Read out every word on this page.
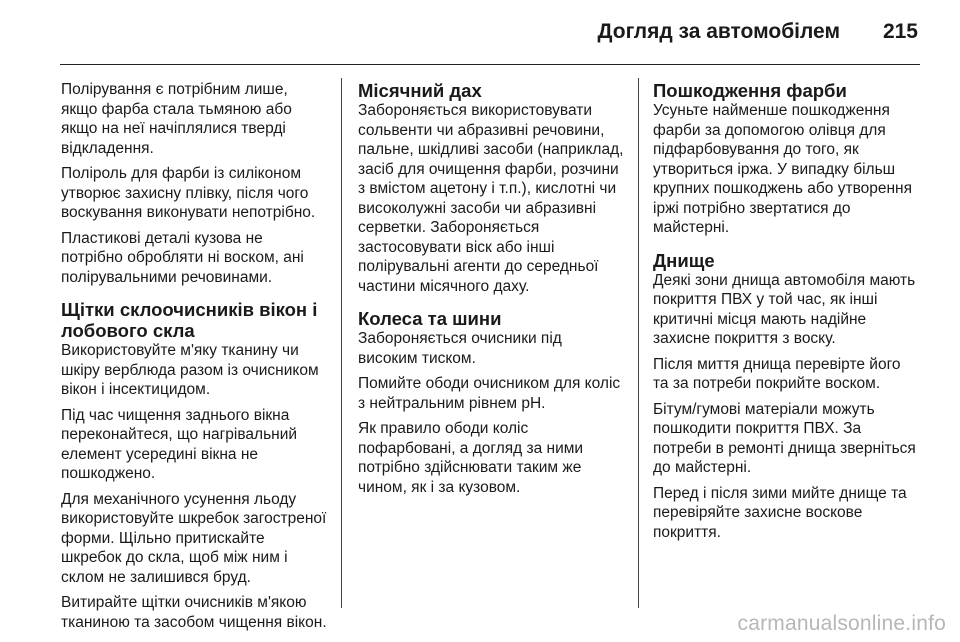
Догляд за автомобілем 215

Полірування є потрібним лише, якщо фарба стала тьмяною або якщо на неї начіплялися тверді відкладення.

Поліроль для фарби із силіконом утворює захисну плівку, після чого воскування виконувати непотрібно.

Пластикові деталі кузова не потрібно обробляти ні воском, ані полірувальними речовинами.

Щітки склоочисників вікон і лобового скла

Використовуйте м'яку тканину чи шкіру верблюда разом із очисником вікон і інсектицидом.

Під час чищення заднього вікна переконайтеся, що нагрівальний елемент усередині вікна не пошкоджено.

Для механічного усунення льоду використовуйте шкребок загостреної форми. Щільно притискайте шкребок до скла, щоб між ним і склом не залишився бруд.

Витирайте щітки очисників м'якою тканиною та засобом чищення вікон.

Місячний дах

Забороняється використовувати сольвенти чи абразивні речовини, пальне, шкідливі засоби (наприклад, засіб для очищення фарби, розчини з вмістом ацетону і т.п.), кислотні чи високолужні засоби чи абразивні серветки. Забороняється застосовувати віск або інші полірувальні агенти до середньої частини місячного даху.

Колеса та шини

Забороняється очисники під високим тиском.

Помийте ободи очисником для коліс з нейтральним рівнем pH.

Як правило ободи коліс пофарбовані, а догляд за ними потрібно здійснювати таким же чином, як і за кузовом.

Пошкодження фарби

Усуньте найменше пошкодження фарби за допомогою олівця для підфарбовування до того, як утвориться іржа. У випадку більш крупних пошкоджень або утворення іржі потрібно звертатися до майстерні.

Днище

Деякі зони днища автомобіля мають покриття ПВХ у той час, як інші критичні місця мають надійне захисне покриття з воску.

Після миття днища перевірте його та за потреби покрийте воском.

Бітум/гумові матеріали можуть пошкодити покриття ПВХ. За потреби в ремонті днища зверніться до майстерні.

Перед і після зими мийте днище та перевіряйте захисне воскове покриття.

carmanualsonline.info
